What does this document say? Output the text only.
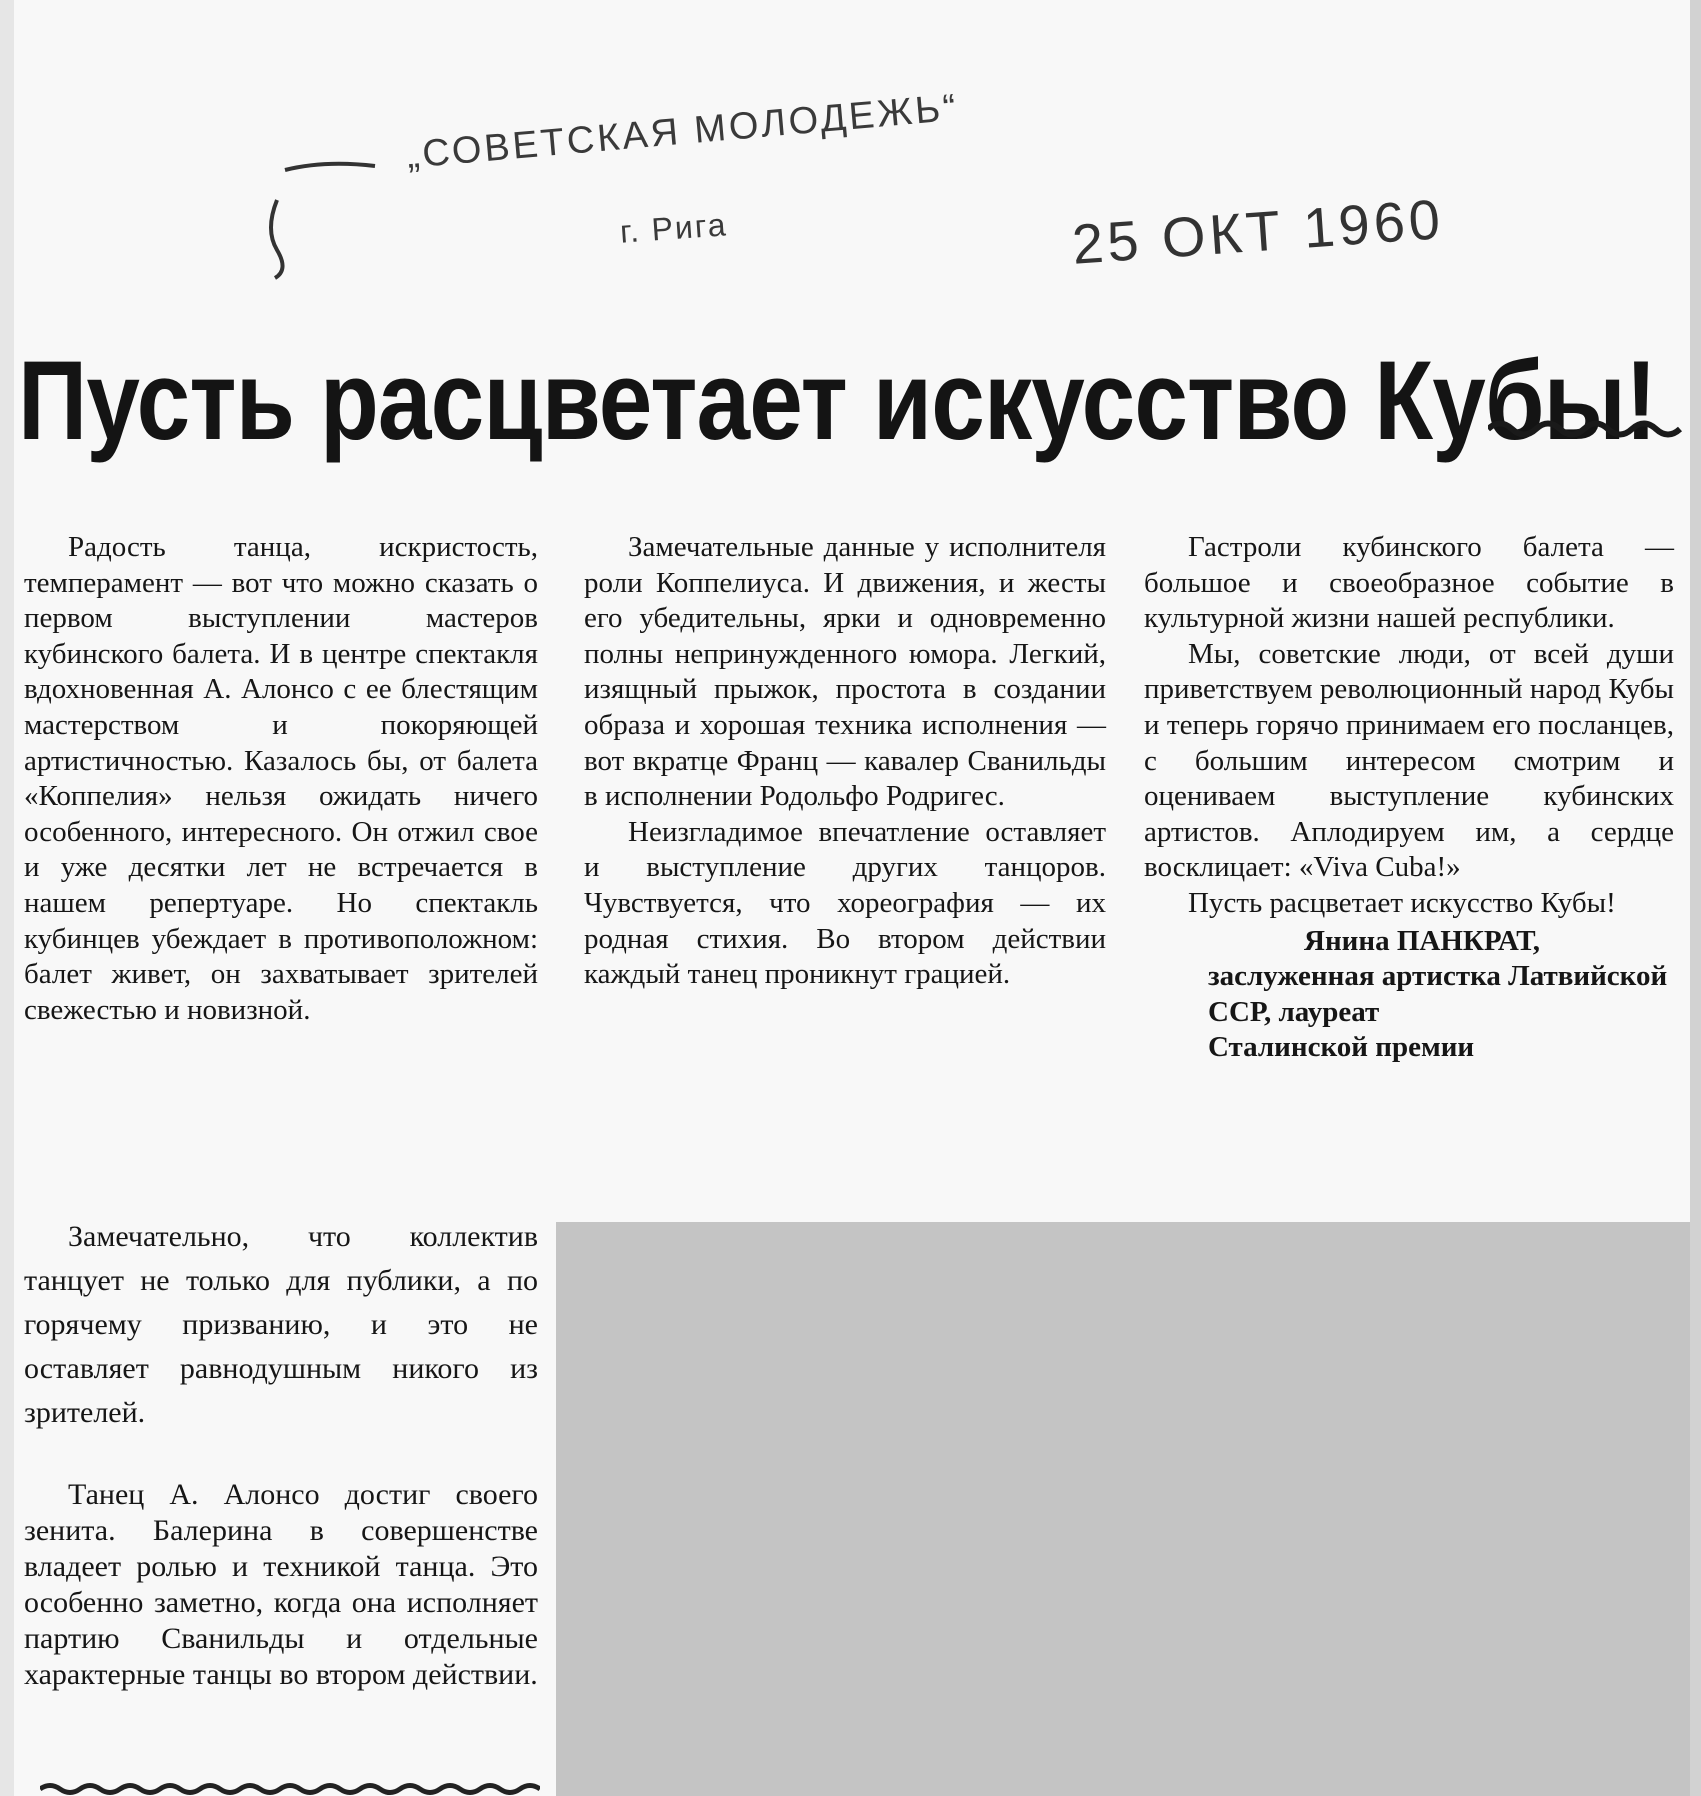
„СОВЕТСКАЯ МОЛОДЕЖЬ“
г. Рига	25 ОКТ 1960
Пусть расцветает искусство Кубы!

Радость танца, искристость, темперамент — вот что можно сказать о первом выступлении мастеров кубинского балета. И в центре спектакля вдохновенная А. Алонсо с ее блестящим мастерством и покоряющей артистичностью. Казалось бы, от балета «Коппелия» нельзя ожидать ничего особенного, интересного. Он отжил свое и уже десятки лет не встречается в нашем репертуаре. Но спектакль кубинцев убеждает в противоположном: балет живет, он захватывает зрителей свежестью и новизной.

Замечательно, что коллектив танцует не только для публики, а по горячему призванию, и это не оставляет равнодушным никого из зрителей.

Танец А. Алонсо достиг своего зенита. Балерина в совершенстве владеет ролью и техникой танца. Это особенно заметно, когда она исполняет партию Сванильды и отдельные характерные танцы во втором действии.

Замечательные данные у исполнителя роли Коппелиуса. И движения, и жесты его убедительны, ярки и одновременно полны непринужденного юмора. Легкий, изящный прыжок, простота в создании образа и хорошая техника исполнения — вот вкратце Франц — кавалер Сванильды в исполнении Родольфо Родригес.

Неизгладимое впечатление оставляет и выступление других танцоров. Чувствуется, что хореография — их родная стихия. Во втором действии каждый танец проникнут грацией.

Гастроли кубинского балета — большое и своеобразное событие в культурной жизни нашей республики.

Мы, советские люди, от всей души приветствуем революционный народ Кубы и теперь горячо принимаем его посланцев, с большим интересом смотрим и оцениваем выступление кубинских артистов. Аплодируем им, а сердце восклицает: «Viva Cuba!»

Пусть расцветает искусство Кубы!

Янина ПАНКРАТ,
заслуженная артистка Латвийской ССР, лауреат
Сталинской премии
